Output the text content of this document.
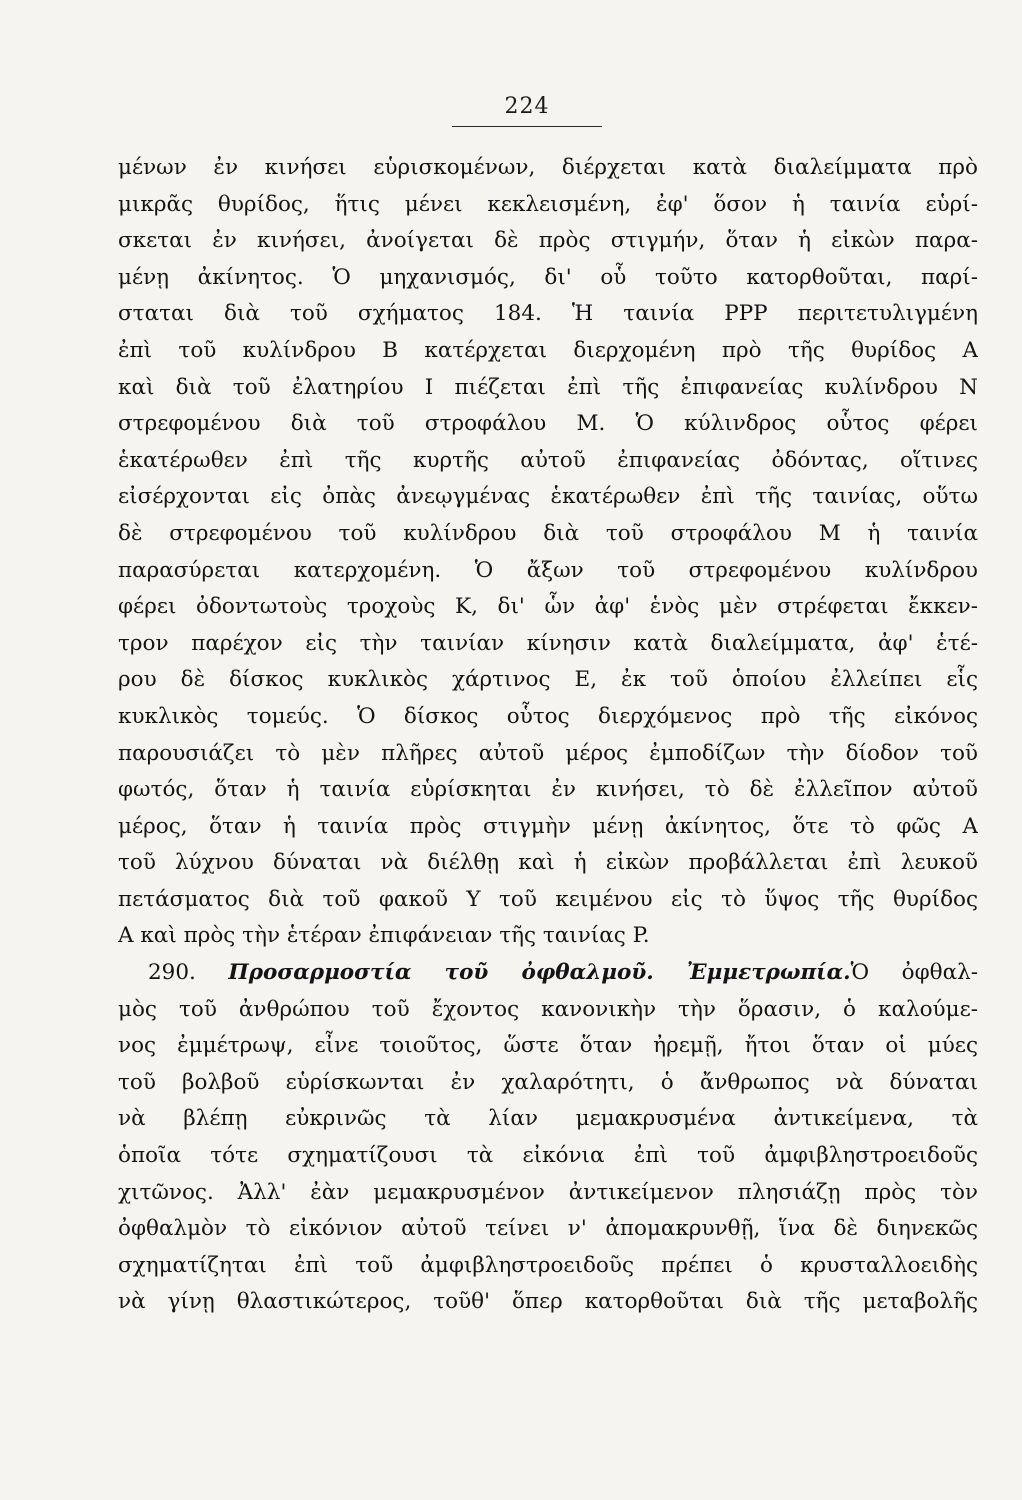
224
μένων ἐν κινήσει εὑρισκομένων, διέρχεται κατὰ διαλείμματα πρὸ
μικρᾶς θυρίδος, ἥτις μένει κεκλεισμένη, ἐφ' ὅσον ἡ ταινία εὑρί-
σκεται ἐν κινήσει, ἀνοίγεται δὲ πρὸς στιγμήν, ὅταν ἡ εἰκὼν παρα-
μένῃ ἀκίνητος. Ὁ μηχανισμός, δι' οὗ τοῦτο κατορθοῦται, παρί-
σταται διὰ τοῦ σχήματος 184. Ἡ ταινία PPP περιτετυλιγμένη
ἐπὶ τοῦ κυλίνδρου B κατέρχεται διερχομένη πρὸ τῆς θυρίδος A
καὶ διὰ τοῦ ἐλατηρίου I πιέζεται ἐπὶ τῆς ἐπιφανείας κυλίνδρου N
στρεφομένου διὰ τοῦ στροφάλου M. Ὁ κύλινδρος οὗτος φέρει
ἑκατέρωθεν ἐπὶ τῆς κυρτῆς αὐτοῦ ἐπιφανείας ὀδόντας, οἵτινες
εἰσέρχονται εἰς ὀπὰς ἀνεῳγμένας ἑκατέρωθεν ἐπὶ τῆς ταινίας, οὕτω
δὲ στρεφομένου τοῦ κυλίνδρου διὰ τοῦ στροφάλου M ἡ ταινία
παρασύρεται κατερχομένη. Ὁ ἄξων τοῦ στρεφομένου κυλίνδρου
φέρει ὀδοντωτοὺς τροχοὺς K, δι' ὧν ἀφ' ἑνὸς μὲν στρέφεται ἔκκεν-
τρον παρέχον εἰς τὴν ταινίαν κίνησιν κατὰ διαλείμματα, ἀφ' ἑτέ-
ρου δὲ δίσκος κυκλικὸς χάρτινος E, ἐκ τοῦ ὁποίου ἐλλείπει εἷς
κυκλικὸς τομεύς. Ὁ δίσκος οὗτος διερχόμενος πρὸ τῆς εἰκόνος
παρουσιάζει τὸ μὲν πλῆρες αὐτοῦ μέρος ἐμποδίζων τὴν δίοδον τοῦ
φωτός, ὅταν ἡ ταινία εὑρίσκηται ἐν κινήσει, τὸ δὲ ἐλλεῖπον αὐτοῦ
μέρος, ὅταν ἡ ταινία πρὸς στιγμὴν μένῃ ἀκίνητος, ὅτε τὸ φῶς A
τοῦ λύχνου δύναται νὰ διέλθῃ καὶ ἡ εἰκὼν προβάλλεται ἐπὶ λευκοῦ
πετάσματος διὰ τοῦ φακοῦ Υ τοῦ κειμένου εἰς τὸ ὕψος τῆς θυρίδος
A καὶ πρὸς τὴν ἑτέραν ἐπιφάνειαν τῆς ταινίας P.
290. Προσαρμοστία τοῦ ὀφθαλμοῦ. Ἐμμετρωπία.Ὁ ὀφθαλ-
μὸς τοῦ ἀνθρώπου τοῦ ἔχοντος κανονικὴν τὴν ὅρασιν, ὁ καλούμε-
νος ἐμμέτρωψ, εἶνε τοιοῦτος, ὥστε ὅταν ἠρεμῇ, ἤτοι ὅταν οἱ μύες
τοῦ βολβοῦ εὑρίσκωνται ἐν χαλαρότητι, ὁ ἄνθρωπος νὰ δύναται
νὰ βλέπῃ εὐκρινῶς τὰ λίαν μεμακρυσμένα ἀντικείμενα, τὰ
ὁποῖα τότε σχηματίζουσι τὰ εἰκόνια ἐπὶ τοῦ ἀμφιβληστροειδοῦς
χιτῶνος. Ἀλλ' ἐὰν μεμακρυσμένον ἀντικείμενον πλησιάζῃ πρὸς τὸν
ὀφθαλμὸν τὸ εἰκόνιον αὐτοῦ τείνει ν' ἀπομακρυνθῇ, ἵνα δὲ διηνεκῶς
σχηματίζηται ἐπὶ τοῦ ἀμφιβληστροειδοῦς πρέπει ὁ κρυσταλλοειδὴς
νὰ γίνῃ θλαστικώτερος, τοῦθ' ὅπερ κατορθοῦται διὰ τῆς μεταβολῆς
